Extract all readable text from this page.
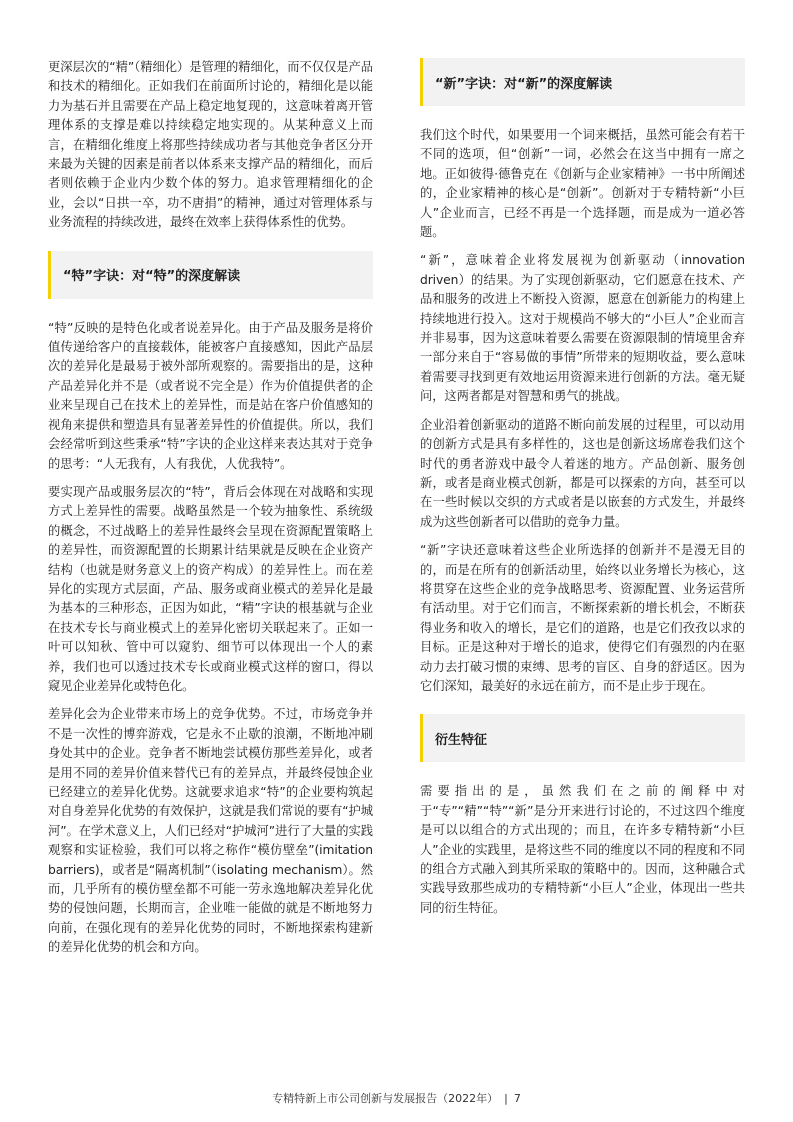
更深层次的“精”（精细化）是管理的精细化，而不仅仅是产品和技术的精细化。正如我们在前面所讨论的，精细化是以能力为基石并且需要在产品上稳定地复现的，这意味着离开管理体系的支撑是难以持续稳定地实现的。从某种意义上而言，在精细化维度上将那些持续成功者与其他竞争者区分开来最为关键的因素是前者以体系来支撑产品的精细化，而后者则依赖于企业内少数个体的努力。追求管理精细化的企业，会以“日拱一卒，功不唐捐”的精神，通过对管理体系与业务流程的持续改进，最终在效率上获得体系性的优势。

“特”字诀：对“特”的深度解读

“特”反映的是特色化或者说差异化。由于产品及服务是将价值传递给客户的直接载体，能被客户直接感知，因此产品层次的差异化是最易于被外部所观察的。需要指出的是，这种产品差异化并不是（或者说不完全是）作为价值提供者的企业来呈现自己在技术上的差异性，而是站在客户价值感知的视角来提供和塑造具有显著差异性的价值提供。所以，我们会经常听到这些秉承“特”字诀的企业这样来表达其对于竞争的思考：“人无我有，人有我优，人优我特”。

要实现产品或服务层次的“特”，背后会体现在对战略和实现方式上差异性的需要。战略虽然是一个较为抽象性、系统级的概念，不过战略上的差异性最终会呈现在资源配置策略上的差异性，而资源配置的长期累计结果就是反映在企业资产结构（也就是财务意义上的资产构成）的差异性上。而在差异化的实现方式层面，产品、服务或商业模式的差异化是最为基本的三种形态，正因为如此，“精”字诀的根基就与企业在技术专长与商业模式上的差异化密切关联起来了。正如一叶可以知秋、管中可以窥豹、细节可以体现出一个人的素养，我们也可以透过技术专长或商业模式这样的窗口，得以窥见企业差异化或特色化。

差异化会为企业带来市场上的竞争优势。不过，市场竞争并不是一次性的博弈游戏，它是永不止歇的浪潮，不断地冲刷身处其中的企业。竞争者不断地尝试模仿那些差异化，或者是用不同的差异价值来替代已有的差异点，并最终侵蚀企业已经建立的差异化优势。这就要求追求“特”的企业要构筑起对自身差异化优势的有效保护，这就是我们常说的要有“护城河”。在学术意义上，人们已经对“护城河”进行了大量的实践观察和实证检验，我们可以将之称作“模仿壁垒”(imitation barriers)，或者是“隔离机制”（isolating mechanism）。然而，几乎所有的模仿壁垒都不可能一劳永逸地解决差异化优势的侵蚀问题，长期而言，企业唯一能做的就是不断地努力向前，在强化现有的差异化优势的同时，不断地探索构建新的差异化优势的机会和方向。

“新”字诀：对“新”的深度解读

我们这个时代，如果要用一个词来概括，虽然可能会有若干不同的选项，但“创新”一词，必然会在这当中拥有一席之地。正如彼得·德鲁克在《创新与企业家精神》一书中所阐述的，企业家精神的核心是“创新”。创新对于专精特新“小巨人”企业而言，已经不再是一个选择题，而是成为一道必答题。

“新”，意味着企业将发展视为创新驱动（innovation driven）的结果。为了实现创新驱动，它们愿意在技术、产品和服务的改进上不断投入资源，愿意在创新能力的构建上持续地进行投入。这对于规模尚不够大的“小巨人”企业而言并非易事，因为这意味着要么需要在资源限制的情境里舍弃一部分来自于“容易做的事情”所带来的短期收益，要么意味着需要寻找到更有效地运用资源来进行创新的方法。毫无疑问，这两者都是对智慧和勇气的挑战。

企业沿着创新驱动的道路不断向前发展的过程里，可以动用的创新方式是具有多样性的，这也是创新这场席卷我们这个时代的勇者游戏中最令人着迷的地方。产品创新、服务创新，或者是商业模式创新，都是可以探索的方向，甚至可以在一些时候以交织的方式或者是以嵌套的方式发生，并最终成为这些创新者可以借助的竞争力量。

“新”字诀还意味着这些企业所选择的创新并不是漫无目的的，而是在所有的创新活动里，始终以业务增长为核心，这将贯穿在这些企业的竞争战略思考、资源配置、业务运营所有活动里。对于它们而言，不断探索新的增长机会，不断获得业务和收入的增长，是它们的道路，也是它们孜孜以求的目标。正是这种对于增长的追求，使得它们有强烈的内在驱动力去打破习惯的束缚、思考的盲区、自身的舒适区。因为它们深知，最美好的永远在前方，而不是止步于现在。

衍生特征

需要指出的是，虽然我们在之前的阐释中对于“专”“精”“特”“新”是分开来进行讨论的，不过这四个维度是可以以组合的方式出现的；而且，在许多专精特新“小巨人”企业的实践里，是将这些不同的维度以不同的程度和不同的组合方式融入到其所采取的策略中的。因而，这种融合式实践导致那些成功的专精特新“小巨人”企业，体现出一些共同的衍生特征。

专精特新上市公司创新与发展报告（2022年） | 7
